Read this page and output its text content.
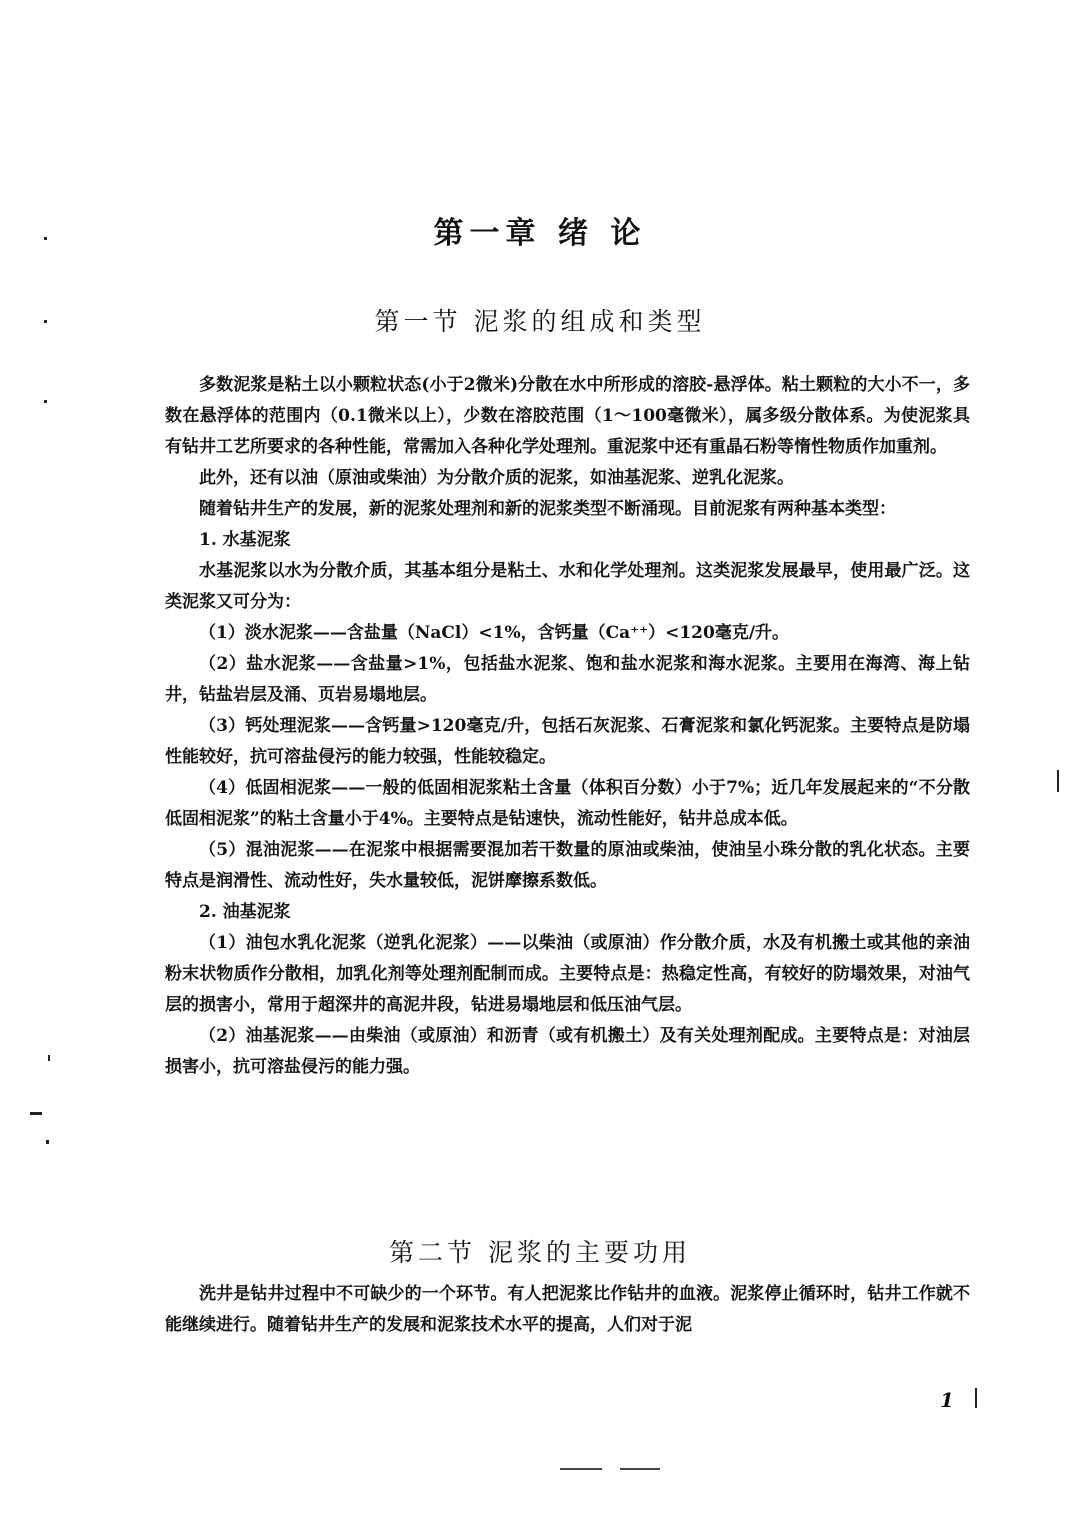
第一章 绪 论
第一节 泥浆的组成和类型

多数泥浆是粘土以小颗粒状态(小于2微米)分散在水中所形成的溶胶-悬浮体。粘土颗粒的大小不一，多数在悬浮体的范围内（0.1微米以上），少数在溶胶范围（1～100毫微米），属多级分散体系。为使泥浆具有钻井工艺所要求的各种性能，常需加入各种化学处理剂。重泥浆中还有重晶石粉等惰性物质作加重剂。

此外，还有以油（原油或柴油）为分散介质的泥浆，如油基泥浆、逆乳化泥浆。

随着钻井生产的发展，新的泥浆处理剂和新的泥浆类型不断涌现。目前泥浆有两种基本类型：

1. 水基泥浆

水基泥浆以水为分散介质，其基本组分是粘土、水和化学处理剂。这类泥浆发展最早，使用最广泛。这类泥浆又可分为：

（1）淡水泥浆——含盐量（NaCl）<1%，含钙量（Ca⁺⁺）<120毫克/升。

（2）盐水泥浆——含盐量>1%，包括盐水泥浆、饱和盐水泥浆和海水泥浆。主要用在海湾、海上钻井，钻盐岩层及涌、页岩易塌地层。

（3）钙处理泥浆——含钙量>120毫克/升，包括石灰泥浆、石膏泥浆和氯化钙泥浆。主要特点是防塌性能较好，抗可溶盐侵污的能力较强，性能较稳定。

（4）低固相泥浆——一般的低固相泥浆粘土含量（体积百分数）小于7%；近几年发展起来的“不分散低固相泥浆”的粘土含量小于4%。主要特点是钻速快，流动性能好，钻井总成本低。

（5）混油泥浆——在泥浆中根据需要混加若干数量的原油或柴油，使油呈小珠分散的乳化状态。主要特点是润滑性、流动性好，失水量较低，泥饼摩擦系数低。

2. 油基泥浆

（1）油包水乳化泥浆（逆乳化泥浆）——以柴油（或原油）作分散介质，水及有机搬土或其他的亲油粉末状物质作分散相，加乳化剂等处理剂配制而成。主要特点是：热稳定性高，有较好的防塌效果，对油气层的损害小，常用于超深井的高泥井段，钻进易塌地层和低压油气层。

（2）油基泥浆——由柴油（或原油）和沥青（或有机搬土）及有关处理剂配成。主要特点是：对油层损害小，抗可溶盐侵污的能力强。

第二节 泥浆的主要功用

洗井是钻井过程中不可缺少的一个环节。有人把泥浆比作钻井的血液。泥浆停止循环时，钻井工作就不能继续进行。随着钻井生产的发展和泥浆技术水平的提高，人们对于泥

1
